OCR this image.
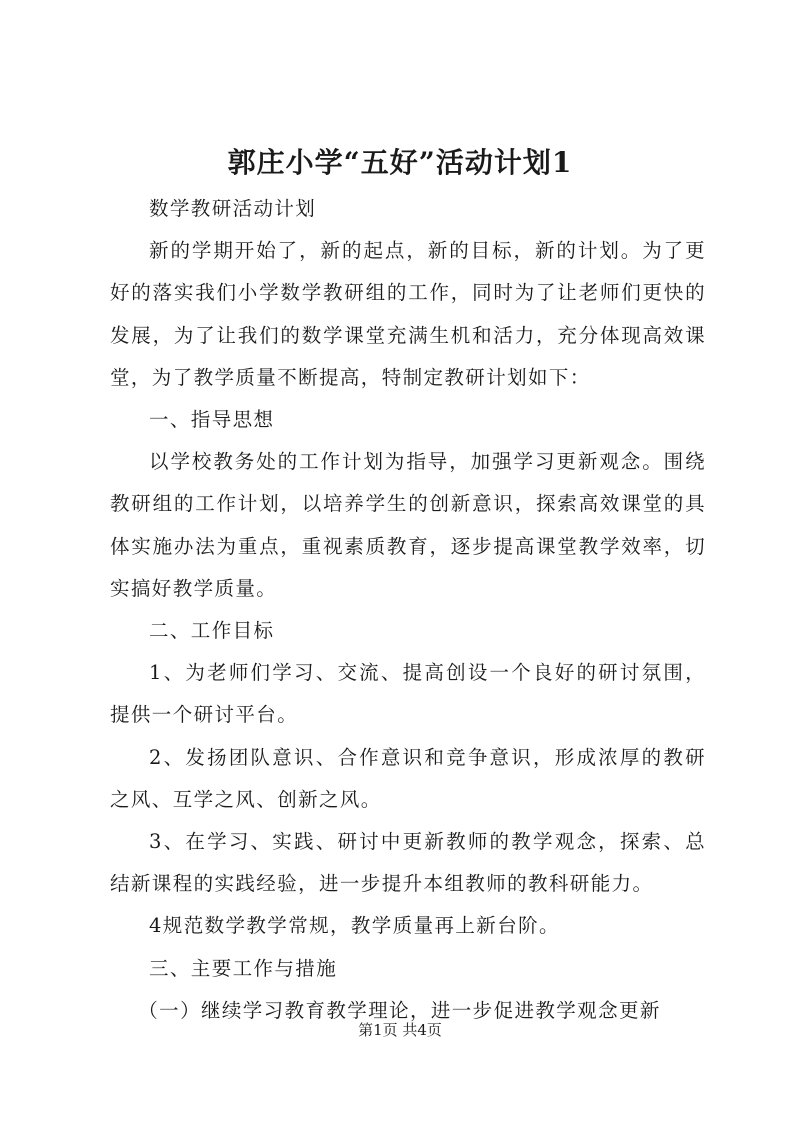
郭庄小学“五好”活动计划1

数学教研活动计划

新的学期开始了，新的起点，新的目标，新的计划。为了更好的落实我们小学数学教研组的工作，同时为了让老师们更快的发展，为了让我们的数学课堂充满生机和活力，充分体现高效课堂，为了教学质量不断提高，特制定教研计划如下：

一、指导思想

以学校教务处的工作计划为指导，加强学习更新观念。围绕教研组的工作计划，以培养学生的创新意识，探索高效课堂的具体实施办法为重点，重视素质教育，逐步提高课堂教学效率，切实搞好教学质量。

二、工作目标

1、为老师们学习、交流、提高创设一个良好的研讨氛围，提供一个研讨平台。

2、发扬团队意识、合作意识和竞争意识，形成浓厚的教研之风、互学之风、创新之风。

3、在学习、实践、研讨中更新教师的教学观念，探索、总结新课程的实践经验，进一步提升本组教师的教科研能力。

4规范数学教学常规，教学质量再上新台阶。

三、主要工作与措施

（一）继续学习教育教学理论，进一步促进教学观念更新

第1页 共4页
